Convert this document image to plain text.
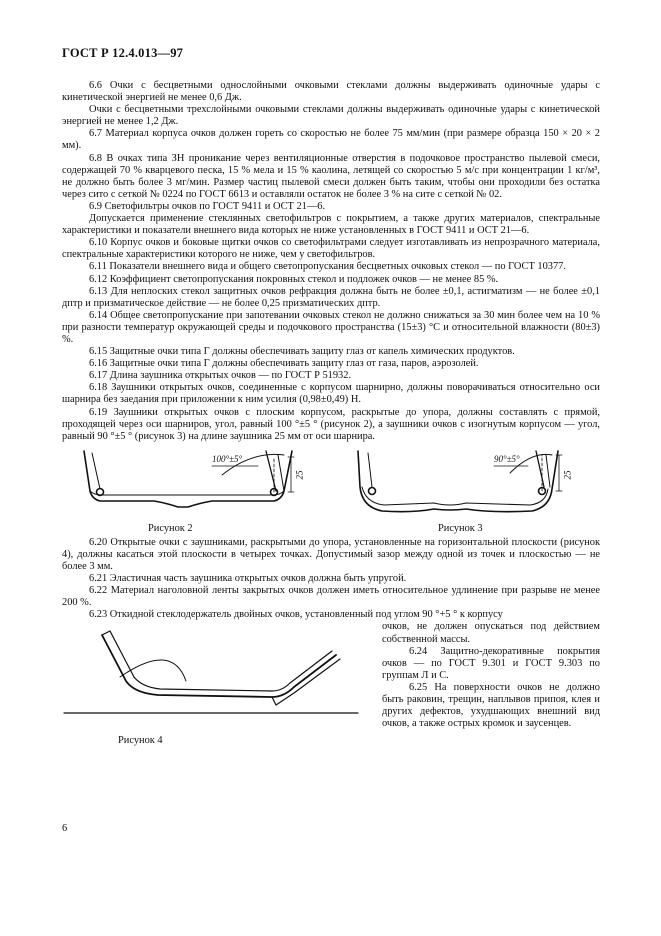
ГОСТ Р 12.4.013—97

6.6 Очки с бесцветными однослойными очковыми стеклами должны выдерживать одиночные удары с кинетической энергией не менее 0,6 Дж.

Очки с бесцветными трехслойными очковыми стеклами должны выдерживать одиночные удары с кинетической энергией не менее 1,2 Дж.

6.7 Материал корпуса очков должен гореть со скоростью не более 75 мм/мин (при размере образца 150 × 20 × 2 мм).

6.8 В очках типа ЗН проникание через вентиляционные отверстия в подочковое пространство пылевой смеси, содержащей 70 % кварцевого песка, 15 % мела и 15 % каолина, летящей со скоростью 5 м/с при концентрации 1 кг/м³, не должно быть более 3 мг/мин. Размер частиц пылевой смеси должен быть таким, чтобы они проходили без остатка через сито с сеткой № 0224 по ГОСТ 6613 и оставляли остаток не более 3 % на сите с сеткой № 02.

6.9 Светофильтры очков по ГОСТ 9411 и ОСТ 21—6.

Допускается применение стеклянных светофильтров с покрытием, а также других материалов, спектральные характеристики и показатели внешнего вида которых не ниже установленных в ГОСТ 9411 и ОСТ 21—6.

6.10 Корпус очков и боковые щитки очков со светофильтрами следует изготавливать из непрозрачного материала, спектральные характеристики которого не ниже, чем у светофильтров.

6.11 Показатели внешнего вида и общего светопропускания бесцветных очковых стекол — по ГОСТ 10377.

6.12 Коэффициент светопропускания покровных стекол и подложек очков — не менее 85 %.

6.13 Для неплоских стекол защитных очков рефракция должна быть не более ±0,1, астигматизм — не более ±0,1 дптр и призматическое действие — не более 0,25 призматических дптр.

6.14 Общее светопропускание при запотевании очковых стекол не должно снижаться за 30 мин более чем на 10 % при разности температур окружающей среды и подочкового пространства (15±3) °С и относительной влажности (80±3) %.

6.15 Защитные очки типа Г должны обеспечивать защиту глаз от капель химических продуктов.

6.16 Защитные очки типа Г должны обеспечивать защиту глаз от газа, паров, аэрозолей.

6.17 Длина заушника открытых очков — по ГОСТ Р 51932.

6.18 Заушники открытых очков, соединенные с корпусом шарнирно, должны поворачиваться относительно оси шарнира без заедания при приложении к ним усилия (0,98±0,49) Н.

6.19 Заушники открытых очков с плоским корпусом, раскрытые до упора, должны составлять с прямой, проходящей через оси шарниров, угол, равный 100 °±5 ° (рисунок 2), а заушники очков с изогнутым корпусом — угол, равный 90 °±5 ° (рисунок 3) на длине заушника 25 мм от оси шарнира.

100°±5°
25
90°±5°
25
Рисунок 2	Рисунок 3

6.20 Открытые очки с заушниками, раскрытыми до упора, установленные на горизонтальной плоскости (рисунок 4), должны касаться этой плоскости в четырех точках. Допустимый зазор между одной из точек и плоскостью — не более 3 мм.

6.21 Эластичная часть заушника открытых очков должна быть упругой.

6.22 Материал наголовной ленты закрытых очков должен иметь относительное удлинение при разрыве не менее 200 %.

6.23 Откидной стеклодержатель двойных очков, установленный под углом 90 °+5 ° к корпусу

Рисунок 4

очков, не должен опускаться под действием собственной массы.

6.24 Защитно-декоративные покрытия очков — по ГОСТ 9.301 и ГОСТ 9.303 по группам Л и С.

6.25 На поверхности очков не должно быть раковин, трещин, наплывов припоя, клея и других дефектов, ухудшающих внешний вид очков, а также острых кромок и заусенцев.

6
